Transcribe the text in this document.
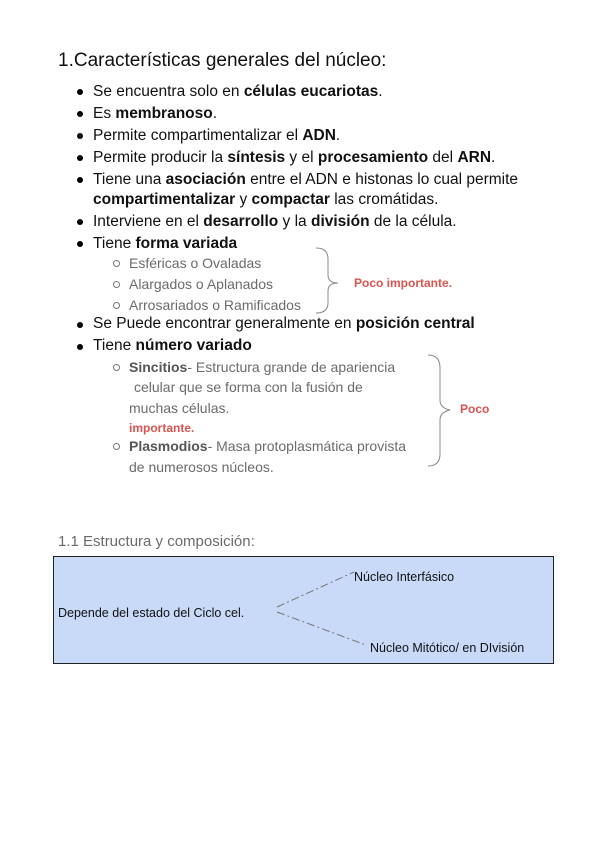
1.Características generales del núcleo:
Se encuentra solo en células eucariotas.
Es membranoso.
Permite compartimentalizar el ADN.
Permite producir la síntesis y el procesamiento del ARN.
Tiene una asociación entre el ADN e histonas lo cual permite
compartimentalizar y compactar las cromátidas.
Interviene en el desarrollo y la división de la célula.
Tiene forma variada
Esféricas o Ovaladas
Alargados o Aplanados
Arrosariados o Ramificados
Poco importante.
Se Puede encontrar generalmente en posición central
Tiene número variado
Sincitios- Estructura grande de apariencia
celular que se forma con la fusión de
muchas células.
importante.
Plasmodios- Masa protoplasmática provista
de numerosos núcleos.
Poco
1.1 Estructura y composición:
Depende del estado del Ciclo cel.
Núcleo Interfásico
Núcleo Mitótico/ en DIvisión
